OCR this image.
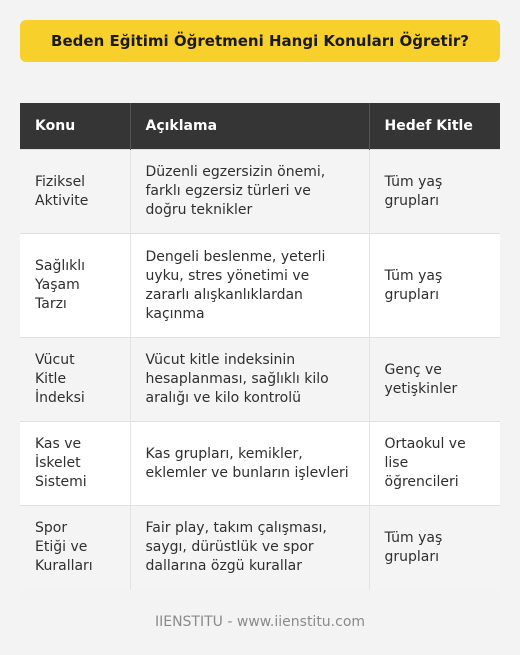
Beden Eğitimi Öğretmeni Hangi Konuları Öğretir?
Konu	Açıklama	Hedef Kitle
Fiziksel Aktivite	Düzenli egzersizin önemi, farklı egzersiz türleri ve doğru teknikler	Tüm yaş grupları
Sağlıklı Yaşam Tarzı	Dengeli beslenme, yeterli uyku, stres yönetimi ve zararlı alışkanlıklardan kaçınma	Tüm yaş grupları
Vücut Kitle İndeksi	Vücut kitle indeksinin hesaplanması, sağlıklı kilo aralığı ve kilo kontrolü	Genç ve yetişkinler
Kas ve İskelet Sistemi	Kas grupları, kemikler, eklemler ve bunların işlevleri	Ortaokul ve lise öğrencileri
Spor Etiği ve Kuralları	Fair play, takım çalışması, saygı, dürüstlük ve spor dallarına özgü kurallar	Tüm yaş grupları
IIENSTITU - www.iienstitu.com
